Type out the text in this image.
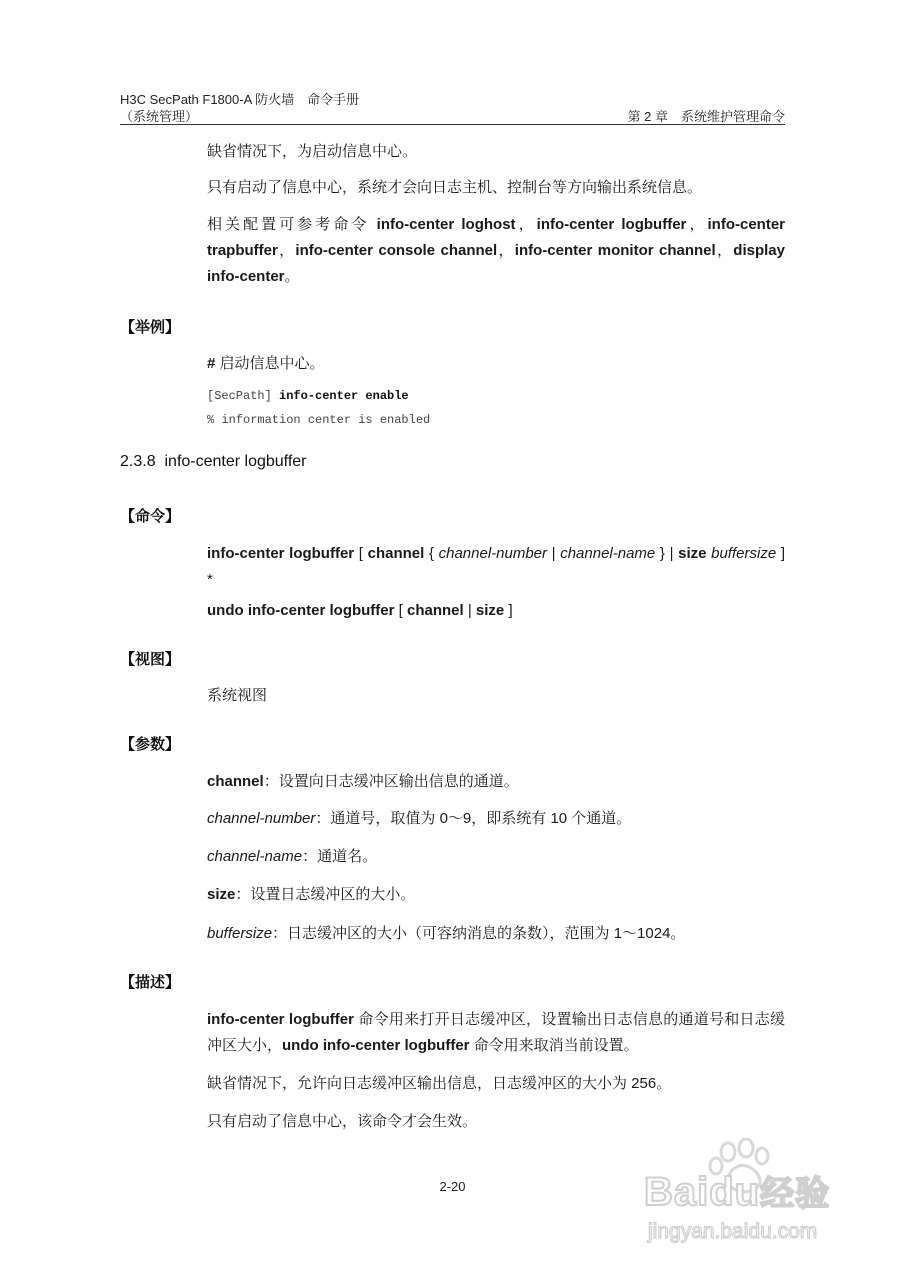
H3C SecPath F1800-A 防火墙　命令手册
（系统管理）	第 2 章　系统维护管理命令
缺省情况下，为启动信息中心。
只有启动了信息中心，系统才会向日志主机、控制台等方向输出系统信息。
相关配置可参考命令 info-center loghost，info-center logbuffer，info-center trapbuffer，info-center console channel，info-center monitor channel，display info-center。
【举例】
# 启动信息中心。
[SecPath] info-center enable
% information center is enabled
2.3.8 info-center logbuffer
【命令】
info-center logbuffer [ channel { channel-number | channel-name } | size buffersize ] *
undo info-center logbuffer [ channel | size ]
【视图】
系统视图
【参数】
channel：设置向日志缓冲区输出信息的通道。
channel-number：通道号，取值为 0～9，即系统有 10 个通道。
channel-name：通道名。
size：设置日志缓冲区的大小。
buffersize：日志缓冲区的大小（可容纳消息的条数），范围为 1～1024。
【描述】
info-center logbuffer 命令用来打开日志缓冲区，设置输出日志信息的通道号和日志缓冲区大小，undo info-center logbuffer 命令用来取消当前设置。
缺省情况下，允许向日志缓冲区输出信息，日志缓冲区的大小为 256。
只有启动了信息中心，该命令才会生效。
2-20	Baidu经验
jingyan.baidu.com
